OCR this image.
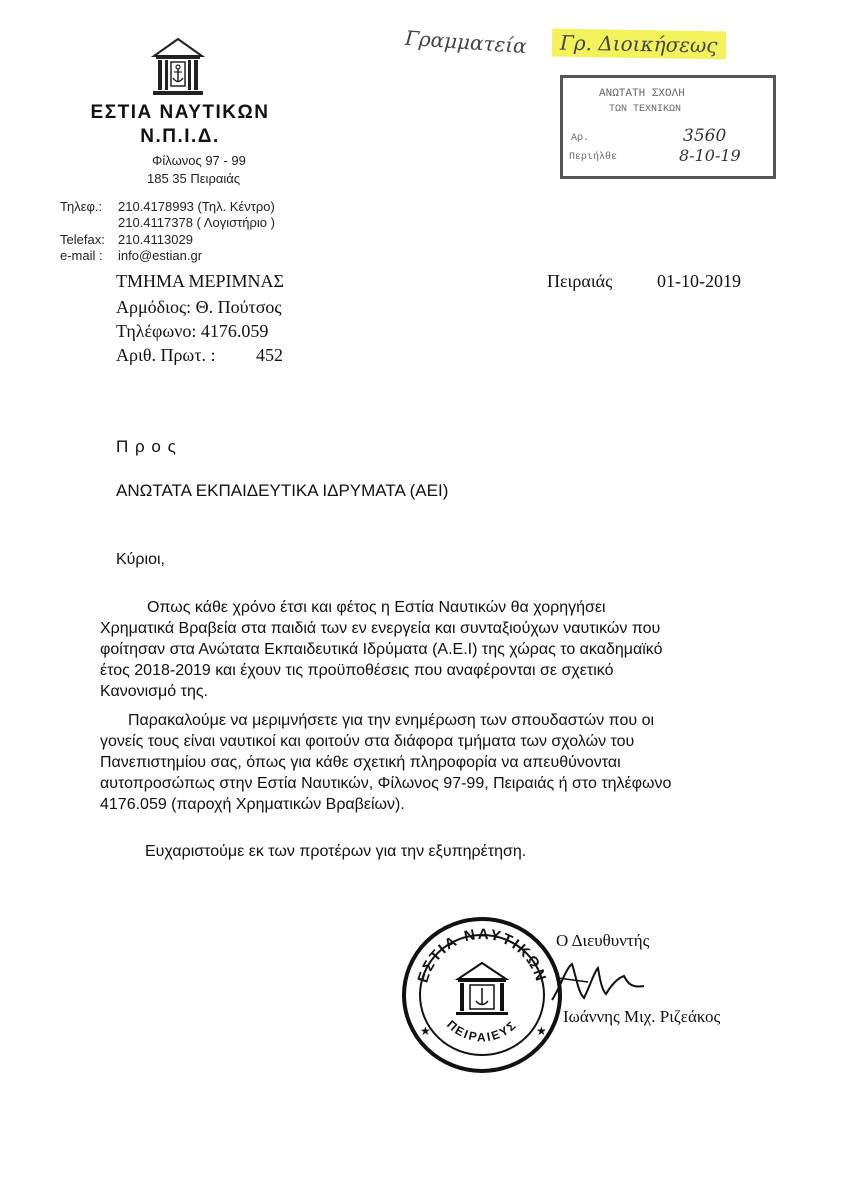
ΕΣΤΙΑ ΝΑΥΤΙΚΩΝ
Ν.Π.Ι.Δ.
Φίλωνος 97 - 99
185 35 Πειραιάς
Τηλεφ.: 210.4178993 (Τηλ. Κέντρο)
210.4117378 ( Λογιστήριο )
Telefax: 210.4113029
e-mail : info@estian.gr
Γραμματεία	Γρ. Διοικήσεως
ΑΝΩΤΑΤΗ ΣΧΟΛΗ
ΤΩΝ ΤΕΧΝΙΚΩΝ
Αρ.	3560
Περιήλθε	8-10-19
ΤΜΗΜΑ ΜΕΡΙΜΝΑΣ
Αρμόδιος: Θ. Πούτσος
Τηλέφωνο: 4176.059
Αριθ. Πρωτ. : 452
Πειραιάς 01-10-2019
Π ρ ο ς
ΑΝΩΤΑΤΑ ΕΚΠΑΙΔΕΥΤΙΚΑ ΙΔΡΥΜΑΤΑ (ΑΕΙ)
Κύριοι,
Οπως κάθε χρόνο έτσι και φέτος η Εστία Ναυτικών θα χορηγήσει
Χρηματικά Βραβεία στα παιδιά των εν ενεργεία και συνταξιούχων ναυτικών που
φοίτησαν στα Ανώτατα Εκπαιδευτικά Ιδρύματα (Α.Ε.Ι) της χώρας το ακαδημαϊκό
έτος 2018-2019 και έχουν τις προϋποθέσεις που αναφέρονται σε σχετικό
Κανονισμό της.
Παρακαλούμε να μεριμνήσετε για την ενημέρωση των σπουδαστών που οι
γονείς τους είναι ναυτικοί και φοιτούν στα διάφορα τμήματα των σχολών του
Πανεπιστημίου σας, όπως για κάθε σχετική πληροφορία να απευθύνονται
αυτοπροσώπως στην Εστία Ναυτικών, Φίλωνος 97-99, Πειραιάς ή στο τηλέφωνο
4176.059 (παροχή Χρηματικών Βραβείων).
Ευχαριστούμε εκ των προτέρων για την εξυπηρέτηση.
Ο Διευθυντής
Ιωάννης Μιχ. Ριζεάκος
ΕΣΤΙΑ ΝΑΥΤΙΚΩΝ
ΠΕΙΡΑΙΕΥΣ
★	★
